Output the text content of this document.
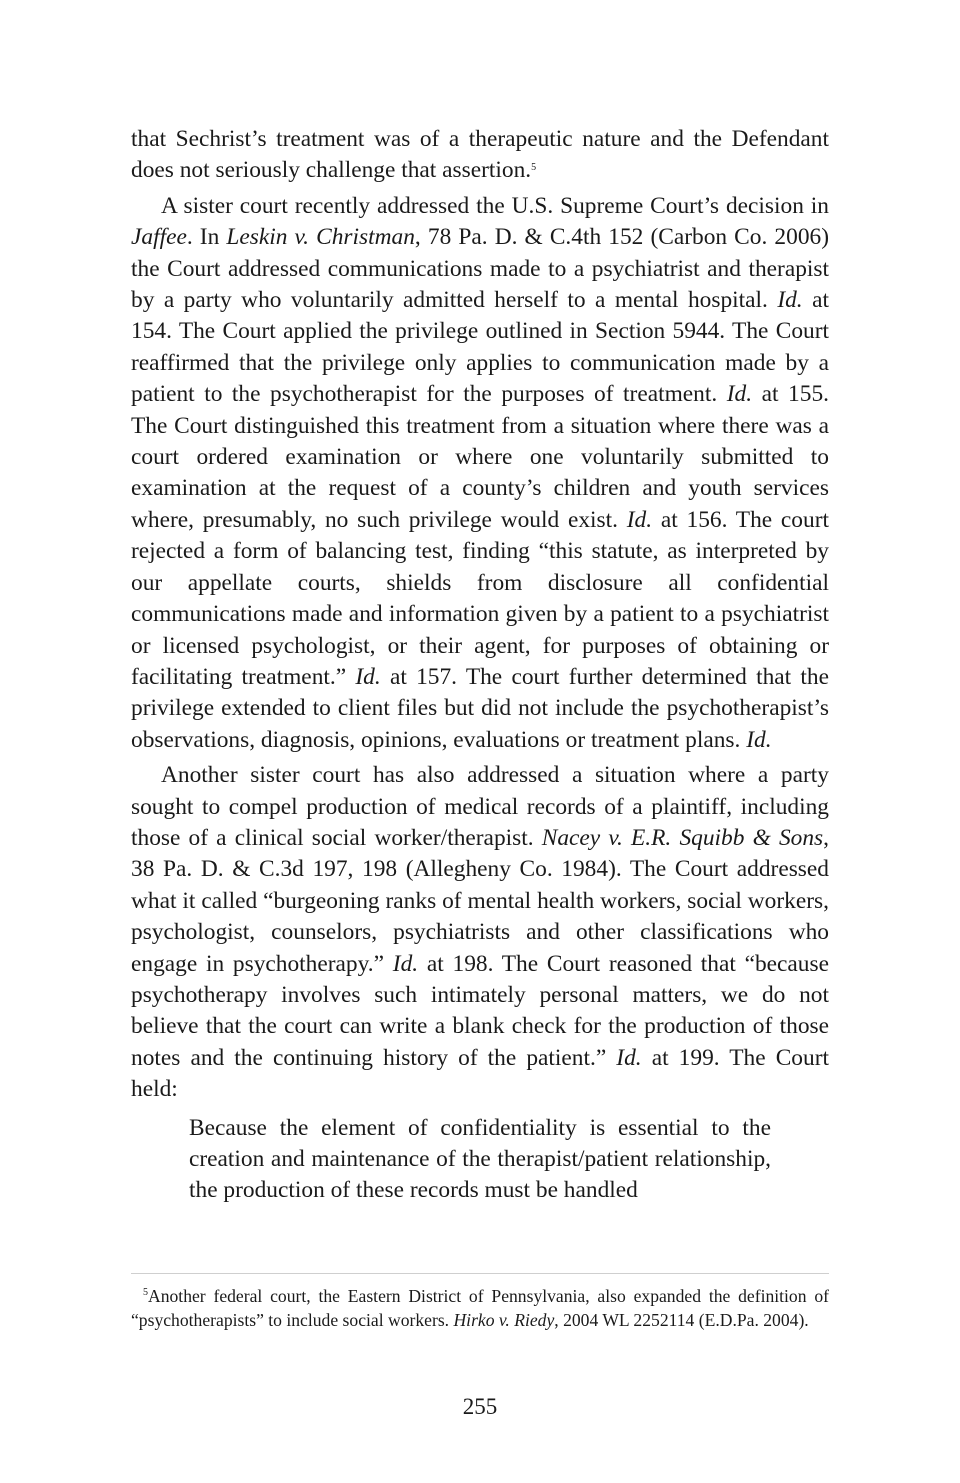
that Sechrist’s treatment was of a therapeutic nature and the Defendant does not seriously challenge that assertion.$^5$

A sister court recently addressed the U.S. Supreme Court’s decision in Jaffee. In Leskin v. Christman, 78 Pa. D. & C.4th 152 (Carbon Co. 2006) the Court addressed communications made to a psychiatrist and therapist by a party who voluntarily admitted herself to a mental hospital. Id. at 154. The Court applied the privilege outlined in Section 5944. The Court reaffirmed that the privilege only applies to communication made by a patient to the psychotherapist for the purposes of treatment. Id. at 155. The Court distinguished this treatment from a situation where there was a court ordered examination or where one voluntarily submitted to examination at the request of a county’s children and youth services where, presumably, no such privilege would exist. Id. at 156. The court rejected a form of balancing test, finding “this statute, as interpreted by our appellate courts, shields from disclosure all confidential communications made and information given by a patient to a psychiatrist or licensed psychologist, or their agent, for purposes of obtaining or facilitating treatment.” Id. at 157. The court further determined that the privilege extended to client files but did not include the psychotherapist’s observations, diagnosis, opinions, evaluations or treatment plans. Id.

Another sister court has also addressed a situation where a party sought to compel production of medical records of a plaintiff, including those of a clinical social worker/therapist. Nacey v. E.R. Squibb & Sons, 38 Pa. D. & C.3d 197, 198 (Allegheny Co. 1984). The Court addressed what it called “burgeoning ranks of mental health workers, social workers, psychologist, counselors, psychiatrists and other classifications who engage in psychotherapy.” Id. at 198. The Court reasoned that “because psychotherapy involves such intimately personal matters, we do not believe that the court can write a blank check for the production of those notes and the continuing history of the patient.” Id. at 199. The Court held:

Because the element of confidentiality is essential to the creation and maintenance of the therapist/patient relationship, the production of these records must be handled

$^5$Another federal court, the Eastern District of Pennsylvania, also expanded the definition of “psychotherapists” to include social workers. Hirko v. Riedy, 2004 WL 2252114 (E.D.Pa. 2004).

255
